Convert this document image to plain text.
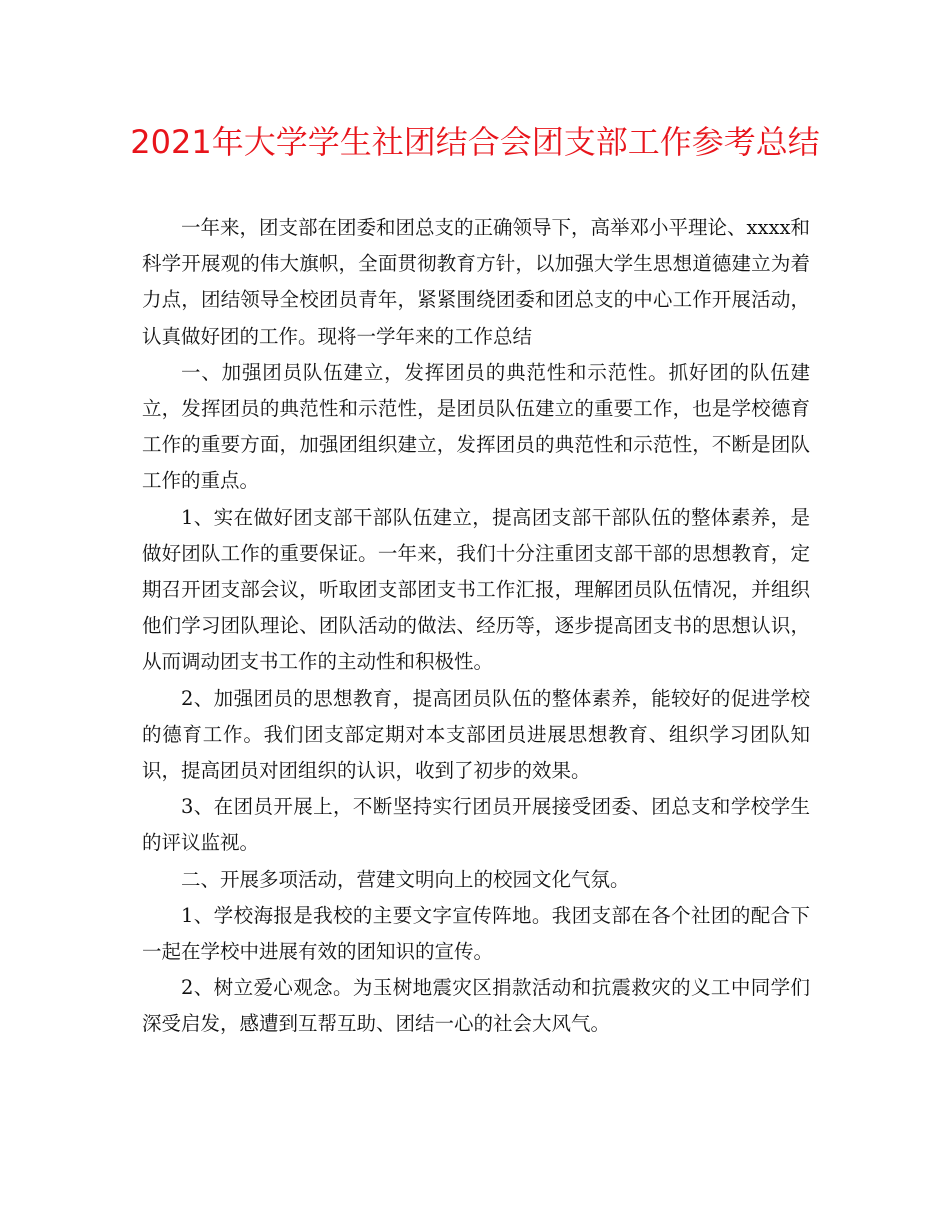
2021年大学学生社团结合会团支部工作参考总结

一年来，团支部在团委和团总支的正确领导下，高举邓小平理论、xxxx和科学开展观的伟大旗帜，全面贯彻教育方针，以加强大学生思想道德建立为着力点，团结领导全校团员青年，紧紧围绕团委和团总支的中心工作开展活动，认真做好团的工作。现将一学年来的工作总结

一、加强团员队伍建立，发挥团员的典范性和示范性。抓好团的队伍建立，发挥团员的典范性和示范性，是团员队伍建立的重要工作，也是学校德育工作的重要方面，加强团组织建立，发挥团员的典范性和示范性，不断是团队工作的重点。

1、实在做好团支部干部队伍建立，提高团支部干部队伍的整体素养，是做好团队工作的重要保证。一年来，我们十分注重团支部干部的思想教育，定期召开团支部会议，听取团支部团支书工作汇报，理解团员队伍情况，并组织他们学习团队理论、团队活动的做法、经历等，逐步提高团支书的思想认识，从而调动团支书工作的主动性和积极性。

2、加强团员的思想教育，提高团员队伍的整体素养，能较好的促进学校的德育工作。我们团支部定期对本支部团员进展思想教育、组织学习团队知识，提高团员对团组织的认识，收到了初步的效果。

3、在团员开展上，不断坚持实行团员开展接受团委、团总支和学校学生的评议监视。

二、开展多项活动，营建文明向上的校园文化气氛。

1、学校海报是我校的主要文字宣传阵地。我团支部在各个社团的配合下一起在学校中进展有效的团知识的宣传。

2、树立爱心观念。为玉树地震灾区捐款活动和抗震救灾的义工中同学们深受启发，感遭到互帮互助、团结一心的社会大风气。
